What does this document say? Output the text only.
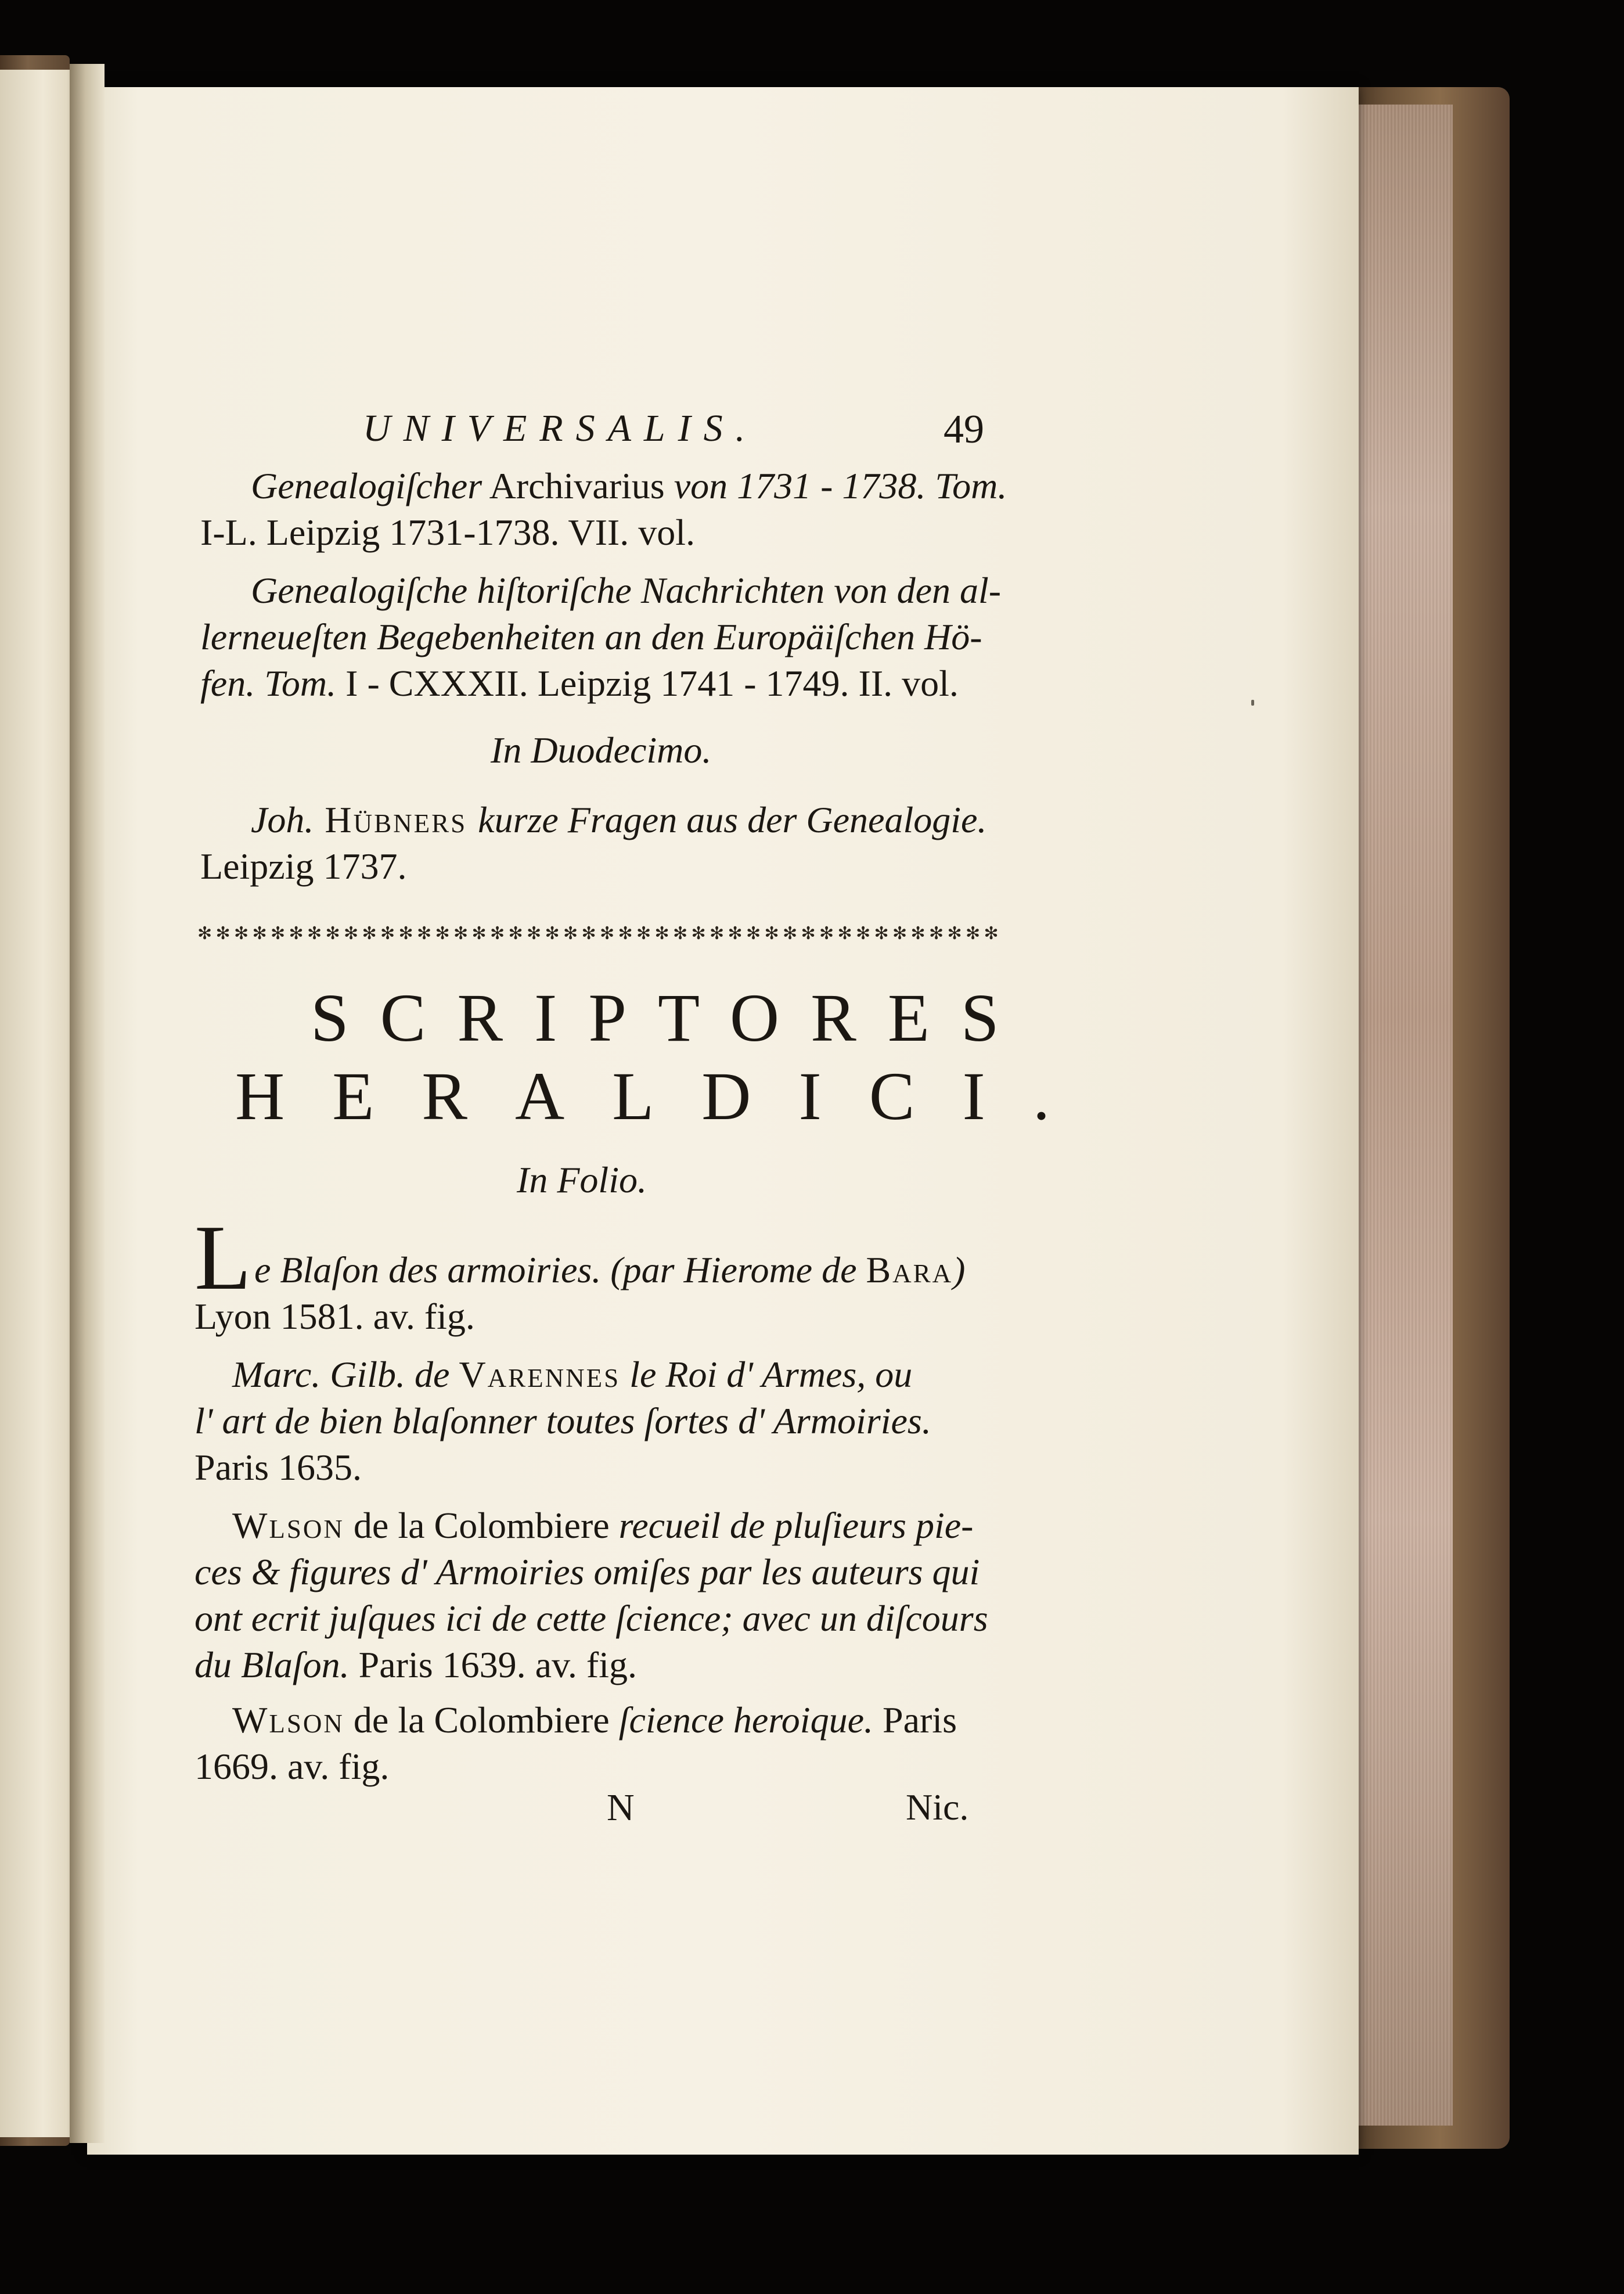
UNIVERSALIS.	49
Genealogiſcher Archivarius von 1731 - 1738. Tom.
I-L. Leipzig 1731-1738. VII. vol.
Genealogiſche hiſtoriſche Nachrichten von den al-
lerneueſten Begebenheiten an den Europäiſchen Hö-
fen. Tom. I - CXXXII. Leipzig 1741 - 1749. II. vol.
In Duodecimo.
Joh. Hübners kurze Fragen aus der Genealogie.
Leipzig 1737.
✻ ✻ ✻ ✻ ✻ ✻ ✻ ✻ ✻ ✻ ✻ ✻ ✻ ✻ ✻ ✻ ✻ ✻ ✻ ✻ ✻ ✻ ✻ ✻ ✻ ✻ ✻ ✻ ✻ ✻ ✻ ✻ ✻ ✻ ✻ ✻ ✻ ✻ ✻ ✻ ✻ ✻ ✻ ✻
SCRIPTORES
HERALDICI.
In Folio.
L e Blaſon des armoiries. (par Hierome de Bara)
Lyon 1581. av. fig.
Marc. Gilb. de Varennes le Roi d' Armes, ou
l' art de bien blaſonner toutes ſortes d' Armoiries.
Paris 1635.
Wlson de la Colombiere recueil de pluſieurs pie-
ces & figures d' Armoiries omiſes par les auteurs qui
ont ecrit juſques ici de cette ſcience; avec un diſcours
du Blaſon. Paris 1639. av. fig.
Wlson de la Colombiere ſcience heroique. Paris
1669. av. fig.
N	Nic.
